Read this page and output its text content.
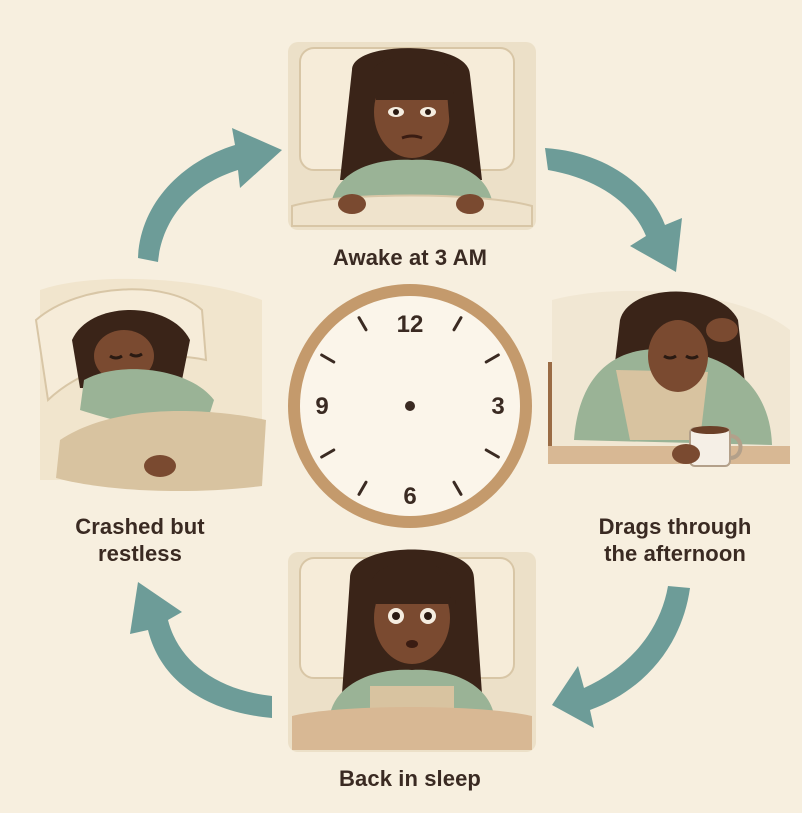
12
3
6
9
Awake at 3 AM
Drags through
the afternoon
Crashed but
restless
Back in sleep
